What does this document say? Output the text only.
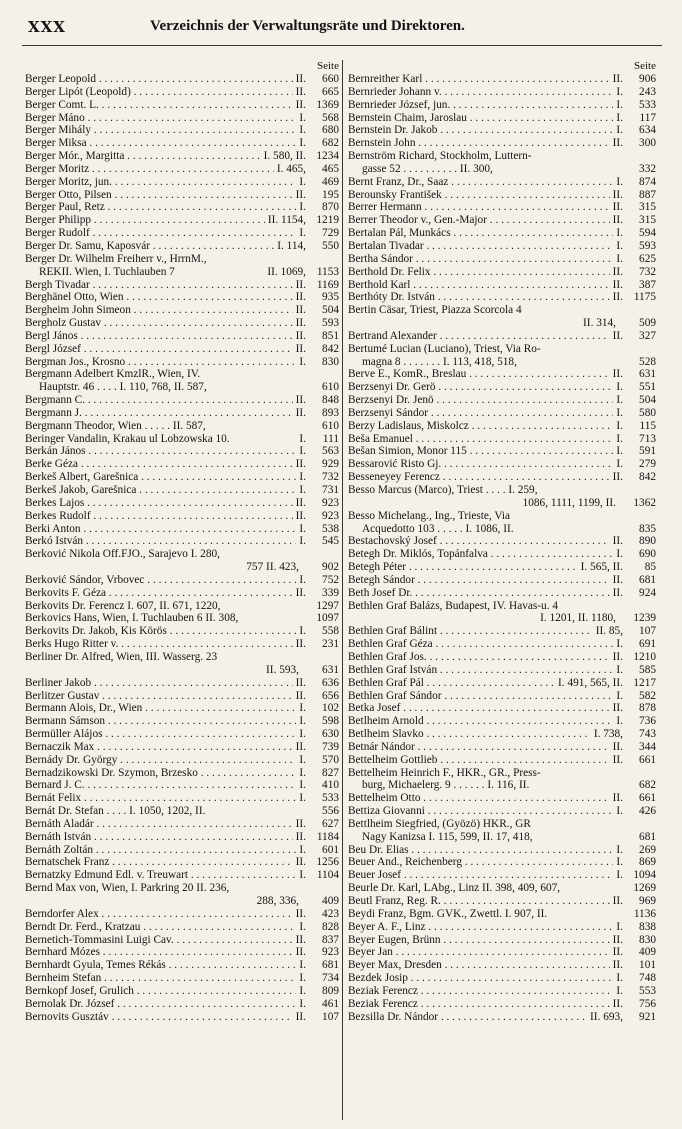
XXX	Verzeichnis der Verwaltungsräte und Direktoren.
Seite
Berger Leopold . . .	II.	660
Berger Lipót (Leopold) . . .	II.	665
Berger Comt. L. . . .	II. 1369
Berger Máno . . .	I.	568
Berger Mihály . . .	I.	680
Berger Miksa . . .	I.	682
Berger Mór., Margitta . . .	I. 580, II. 1234
Berger Moritz . . .	I. 465,	465
Berger Moritz, jun. . . .	I.	469
Berger Otto, Pilsen . . .	II.	195
Berger Paul, Retz . . .	I.	870
Berger Philipp . . .	II. 1154, 1219
Berger Rudolf . . .	I.	729
Berger Dr. Samu, Kaposvár . . .	I. 114,	550
Berger Dr. Wilhelm Freiherr v., HrrnM.,
REKII. Wien, I. Tuchlauben 7	II. 1069, 1153
Bergh Tivadar . . .	II. 1169
Berghänel Otto, Wien . . .	II.	935
Bergheim John Simeon . . .	II.	504
Bergholz Gustav . . .	II.	593
Bergl János . . .	II.	851
Bergl József . . .	II.	842
Bergman Jos., Krosno . . .	I.	830
Bergmann Adelbert KmzlR., Wien, IV.
Hauptstr. 46 . . . . I. 110, 768, II. 587,	610
Bergmann C. . . .	II.	848
Bergmann J. . . .	II.	893
Bergmann Theodor, Wien . . . . . II. 587,	610
Beringer Vandalin, Krakau ul Lobzowska 10.	I.	111
Berkán János . . .	I.	563
Berke Géza . . .	II.	929
Berkeš Albert, Garešnica . . .	I.	732
Berkeš Jakob, Garešnica . . .	I.	731
Berkes Lajos . . .	II.	923
Berkes Rudolf . . .	II.	923
Berki Anton . . .	I.	538
Berkó István . . .	I.	545
Berković Nikola Off.FJO., Sarajevo I. 280,
757 II. 423,	902
Berković Sándor, Vrbovec . . .	I.	752
Berkovits F. Géza . . .	II.	339
Berkovits Dr. Ferencz I. 607, II. 671, 1220,	1297
Berkovics Hans, Wien, I. Tuchlauben 6 II. 308,	1097
Berkovits Dr. Jakob, Kis Körös . . .	I.	558
Berks Hugo Ritter v. . . .	II.	231
Berliner Dr. Alfred, Wien, III. Wasserg. 23
II. 593,	631
Berliner Jakob . . .	II.	636
Berlitzer Gustav . . .	II.	656
Bermann Alois, Dr., Wien . . .	I.	102
Bermann Sámson . . .	I.	598
Bermüller Alájos . . .	I.	630
Bernaczik Max . . .	II.	739
Bernády Dr. György . . .	I.	570
Bernadzikowski Dr. Szymon, Brzesko . . .	I.	827
Bernard J. C. . . .	I.	410
Bernát Felix . . .	I.	533
Bernát Dr. Stefan . . . . I. 1050, 1202, II.	556
Bernáth Aladár . . .	II.	627
Bernáth István . . .	II. 1184
Bernáth Zoltán . . .	I.	601
Bernatschek Franz . . .	II. 1256
Bernatzky Edmund Edl. v. Treuwart . . .	I. 1104
Bernd Max von, Wien, I. Parkring 20 II. 236,
288, 336,	409
Berndorfer Alex . . .	II.	423
Berndt Dr. Ferd., Kratzau . . .	I.	828
Bernetich-Tommasini Luigi Cav. . . .	II.	837
Bernhard Mózes . . .	II.	923
Bernhardt Gyula, Temes Rékás . . .	I.	681
Bernheim Stefan . . .	I.	734
Bernkopf Josef, Grulich . . .	I.	809
Bernolak Dr. József . . .	I.	461
Bernovits Gusztáv . . .	II.	107
Seite
Bernreither Karl . . .	II.	906
Bernrieder Johann v. . . .	I.	243
Bernrieder József, jun. . . .	I.	533
Bernstein Chaim, Jaroslau . . .	I.	117
Bernstein Dr. Jakob . . .	I.	634
Bernstein John . . .	II.	300
Bernström Richard, Stockholm, Luttern-
gasse 52 . . . . . . . . . . II. 300,	332
Bernt Franz, Dr., Saaz . . .	I.	874
Berounsky František . . .	II.	887
Berrer Hermann . . .	II.	315
Berrer Theodor v., Gen.-Major . . .	II.	315
Bertalan Pál, Munkács . . .	I.	594
Bertalan Tivadar . . .	I.	593
Bertha Sándor . . .	I.	625
Berthold Dr. Felix . . .	II.	732
Berthold Karl . . .	II.	387
Berthóty Dr. István . . .	II. 1175
Bertin Cäsar, Triest, Piazza Scorcola 4
II. 314,	509
Bertrand Alexander . . .	II.	327
Bertumé Lucian (Luciano), Triest, Via Ro-
magna 8 . . . . . . . I. 113, 418, 518,	528
Berve E., KomR., Breslau . . .	II.	631
Berzsenyi Dr. Gerö . . .	I.	551
Berzsenyi Dr. Jenö . . .	I.	504
Berzsenyi Sándor . . .	I.	580
Berzy Ladislaus, Miskolcz . . .	I.	115
Beša Emanuel . . .	I.	713
Bešan Simion, Monor 115 . . .	I.	591
Bessarović Risto Gj. . . .	I.	279
Besseneyey Ferencz . . .	II.	842
Besso Marcus (Marco), Triest . . . . I. 259,
1086, 1111, 1199, II.	1362
Besso Michelang., Ing., Trieste, Via
Acquedotto 103 . . . . . I. 1086, II.	835
Bestachovský Josef . . .	II.	890
Betegh Dr. Miklós, Topánfalva . . .	I.	690
Betegh Péter . . .	I. 565, II.	85
Betegh Sándor . . .	II.	681
Beth Josef Dr. . . .	II.	924
Bethlen Graf Balázs, Budapest, IV. Havas-u. 4
I. 1201, II. 1180,	1239
Bethlen Graf Bálint . . .	II. 85,	107
Bethlen Graf Géza . . .	I.	691
Bethlen Graf Jos. . . .	II. 1210
Bethlen Graf István . . .	I.	585
Bethlen Graf Pál . . .	I. 491, 565, II. 1217
Bethlen Graf Sándor . . .	I.	582
Betka Josef . . .	II.	878
Betlheim Arnold . . .	I.	736
Betlheim Slavko . . .	I. 738,	743
Betnár Nándor . . .	II.	344
Bettelheim Gottlieb . . .	II.	661
Bettelheim Heinrich F., HKR., GR., Press-
burg, Michaelerg. 9 . . . . . . I. 116, II.	682
Bettelheim Otto . . .	II.	661
Bettiza Giovanni . . .	I.	426
Bettlheim Siegfried, (Gyözö) HKR., GR
Nagy Kanizsa I. 115, 599, II. 17, 418,	681
Beu Dr. Elias . . .	I.	269
Beuer And., Reichenberg . . .	I.	869
Beuer Josef . . .	I. 1094
Beurle Dr. Karl, LAbg., Linz II. 398, 409, 607,	1269
Beutl Franz, Reg. R. . . .	II.	969
Beydi Franz, Bgm. GVK., Zwettl. I. 907, II.	1136
Beyer A. F., Linz . . .	I.	838
Beyer Eugen, Brünn . . .	II.	830
Beyer Jan . . .	II.	409
Beyer Max, Dresden . . .	II.	101
Bezdek Josip . . .	I.	748
Beziak Ferencz . . .	I.	553
Beziak Ferencz . . .	II.	756
Bezsilla Dr. Nándor . . .	II. 693,	921
